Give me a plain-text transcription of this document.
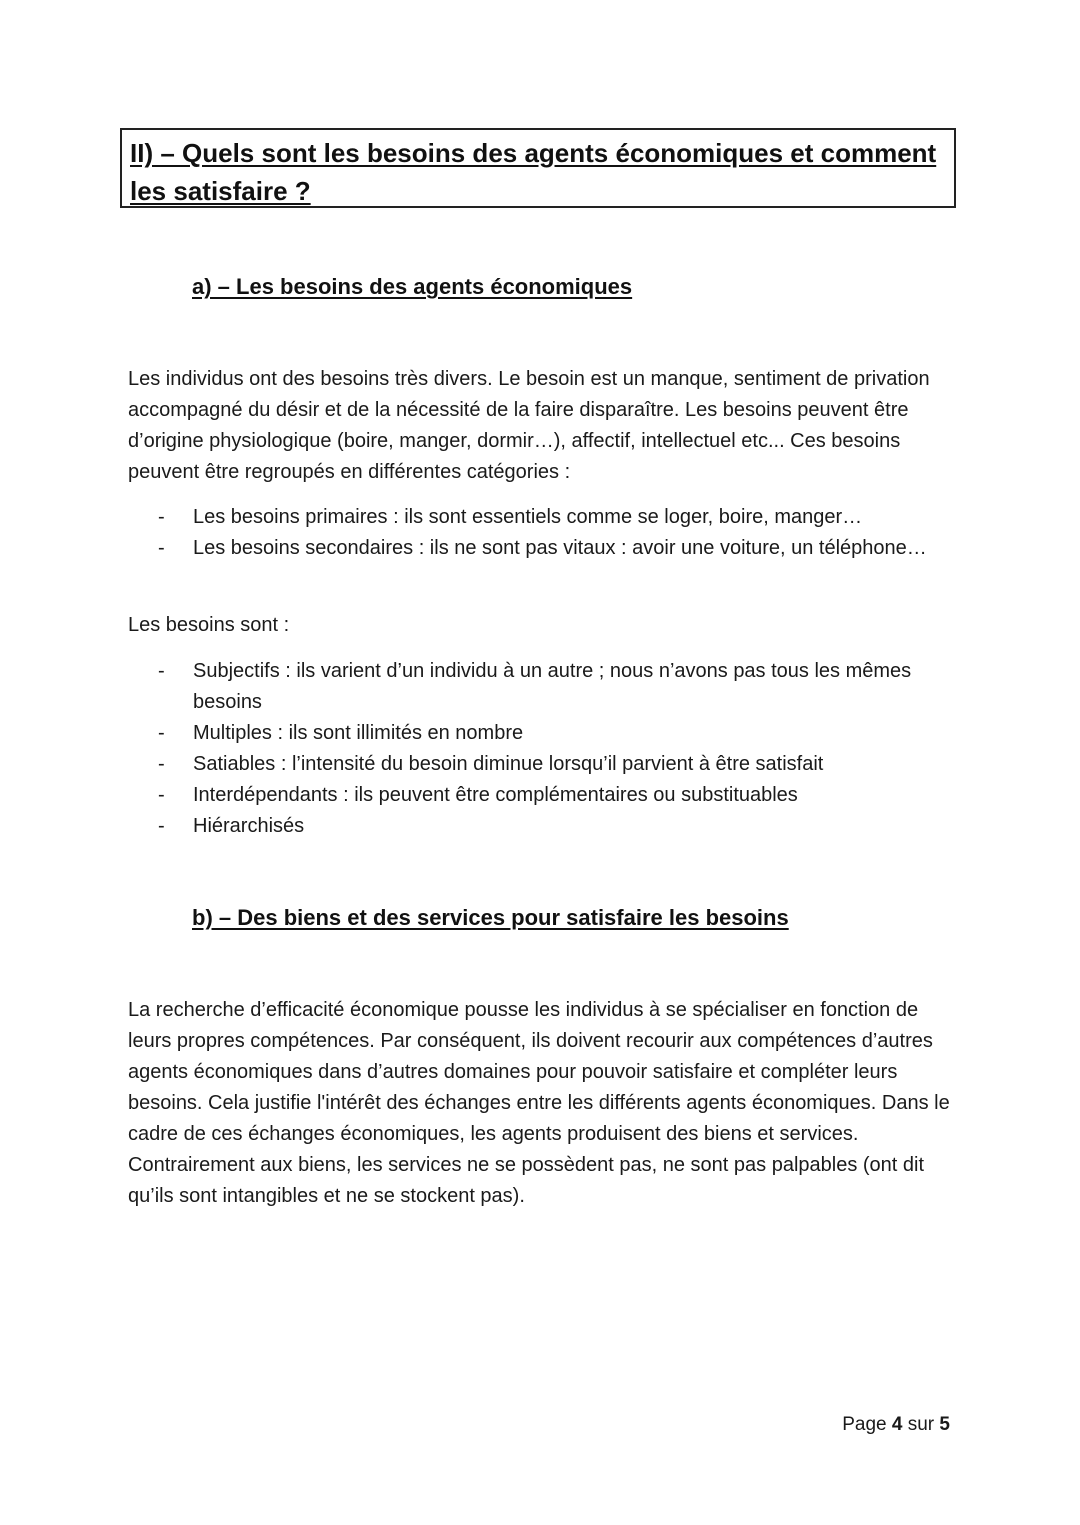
II) – Quels sont les besoins des agents économiques et comment les satisfaire ?
a) – Les besoins des agents économiques

Les individus ont des besoins très divers. Le besoin est un manque, sentiment de privation accompagné du désir et de la nécessité de la faire disparaître. Les besoins peuvent être d’origine physiologique (boire, manger, dormir…), affectif, intellectuel etc... Ces besoins peuvent être regroupés en différentes catégories :

- Les besoins primaires : ils sont essentiels comme se loger, boire, manger…
- Les besoins secondaires : ils ne sont pas vitaux : avoir une voiture, un téléphone…

Les besoins sont :

- Subjectifs : ils varient d’un individu à un autre ; nous n’avons pas tous les mêmes besoins
- Multiples : ils sont illimités en nombre
- Satiables : l’intensité du besoin diminue lorsqu’il parvient à être satisfait
- Interdépendants : ils peuvent être complémentaires ou substituables
- Hiérarchisés
b) – Des biens et des services pour satisfaire les besoins

La recherche d’efficacité économique pousse les individus à se spécialiser en fonction de leurs propres compétences. Par conséquent, ils doivent recourir aux compétences d’autres agents économiques dans d’autres domaines pour pouvoir satisfaire et compléter leurs besoins. Cela justifie l'intérêt des échanges entre les différents agents économiques. Dans le cadre de ces échanges économiques, les agents produisent des biens et services. Contrairement aux biens, les services ne se possèdent pas, ne sont pas palpables (ont dit qu’ils sont intangibles et ne se stockent pas).

Page 4 sur 5
